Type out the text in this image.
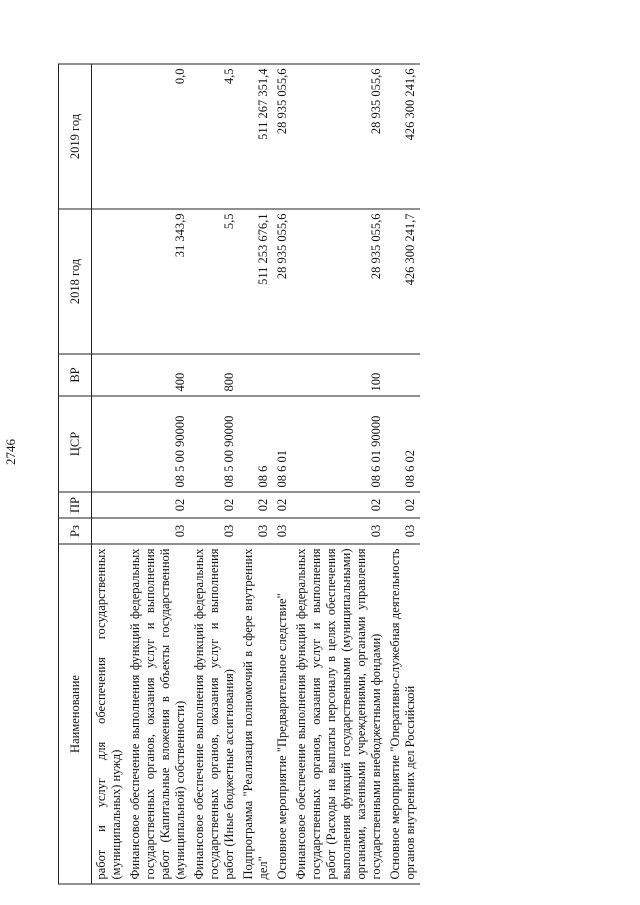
2746
Наименование	Рз	ПР	ЦСР	ВР	2018 год	2019 год
работ и услуг для обеспечения государственных (муниципальных) нужд)						
Финансовое обеспечение выполнения функций федеральных государственных органов, оказания услуг и выполнения работ (Капитальные вложения в объекты государственной (муниципальной) собственности)	03	02	08 5 00 90000	400	31 343,9	0,0
Финансовое обеспечение выполнения функций федеральных государственных органов, оказания услуг и выполнения работ (Иные бюджетные ассигнования)	03	02	08 5 00 90000	800	5,5	4,5
Подпрограмма "Реализация полномочий в сфере внутренних дел"	03	02	08 6		511 253 676,1	511 267 351,4
Основное мероприятие "Предварительное следствие"	03	02	08 6 01		28 935 055,6	28 935 055,6
Финансовое обеспечение выполнения функций федеральных государственных органов, оказания услуг и выполнения работ (Расходы на выплаты персоналу в целях обеспечения выполнения функций государственными (муниципальными) органами, казенными учреждениями, органами управления государственными внебюджетными фондами)	03	02	08 6 01 90000	100	28 935 055,6	28 935 055,6
Основное мероприятие "Оперативно-служебная деятельность органов внутренних дел Российской	03	02	08 6 02		426 300 241,7	426 300 241,6
